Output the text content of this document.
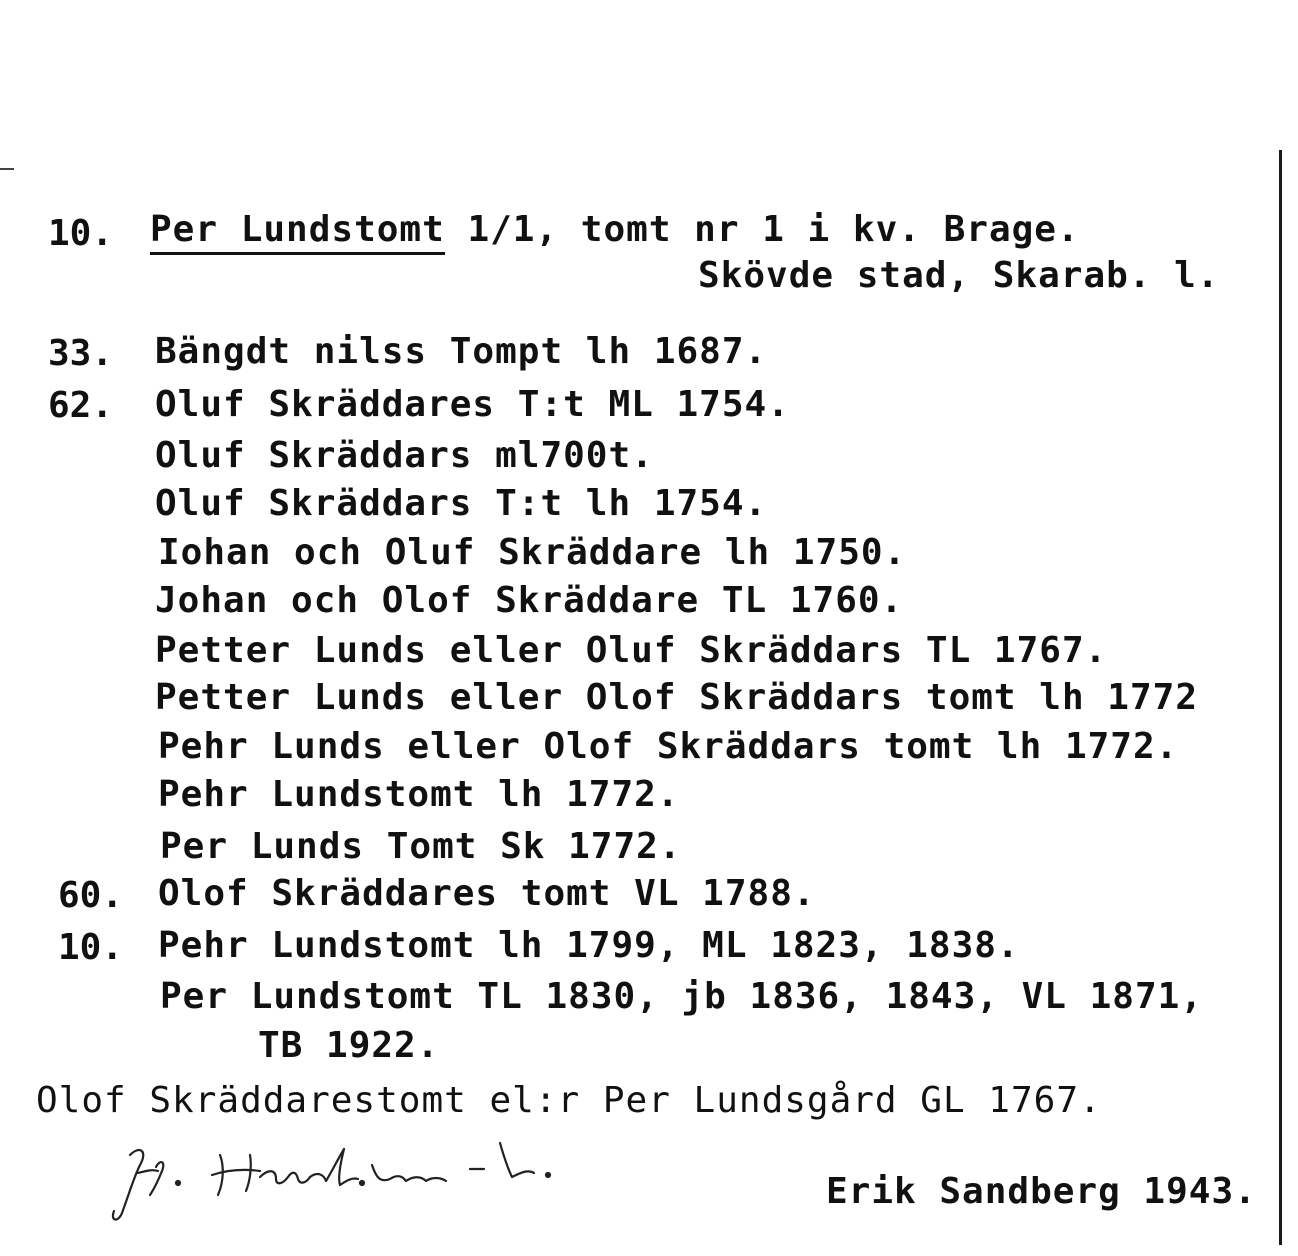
10. Per Lundstomt 1/1, tomt nr 1 i kv. Brage.
Skövde stad, Skarab. l.
33. Bängdt nilss Tompt lh 1687.
62. Oluf Skräddares T:t ML 1754.
Oluf Skräddars ml700t.
Oluf Skräddars T:t lh 1754.
Iohan och Oluf Skräddare lh 1750.
Johan och Olof Skräddare TL 1760.
Petter Lunds eller Oluf Skräddars TL 1767.
Petter Lunds eller Olof Skräddars tomt lh 1772
Pehr Lunds eller Olof Skräddars tomt lh 1772.
Pehr Lundstomt lh 1772.
Per Lunds Tomt Sk 1772.
60. Olof Skräddares tomt VL 1788.
10. Pehr Lundstomt lh 1799, ML 1823, 1838.
Per Lundstomt TL 1830, jb 1836, 1843, VL 1871,
TB 1922.
Olof Skräddarestomt el:r Per Lundsgård GL 1767.
Erik Sandberg 1943.
